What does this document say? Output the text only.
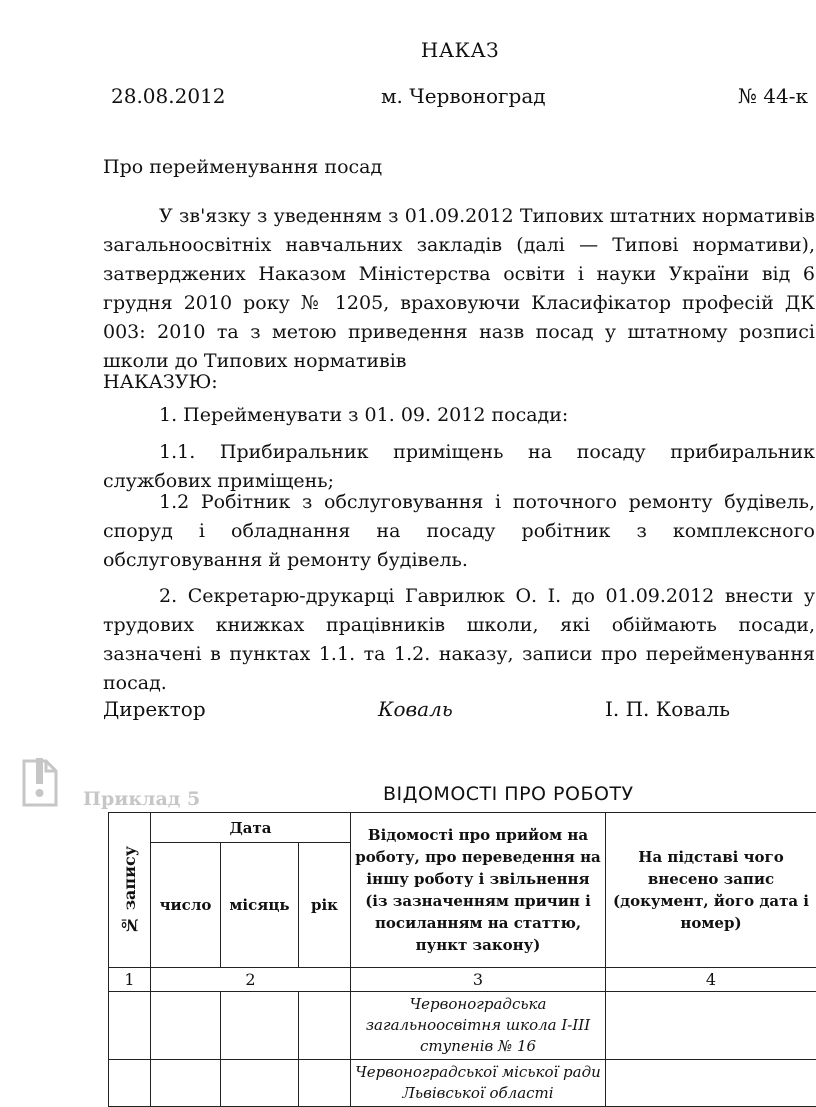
НАКАЗ
28.08.2012	м. Червоноград	№ 44-к
Про перейменування посад
У зв'язку з уведенням з 01.09.2012 Типових штатних нормативів загальноосвітніх навчальних закладів (далі — Типові нормативи), затверджених Наказом Міністерства освіти і науки України від 6 грудня 2010 року № 1205, враховуючи Класифікатор професій ДК 003: 2010 та з метою приведення назв посад у штатному розписі школи до Типових нормативів
НАКАЗУЮ:
1. Перейменувати з 01. 09. 2012 посади:
1.1. Прибиральник приміщень на посаду прибиральник службових приміщень;
1.2 Робітник з обслуговування і поточного ремонту будівель, споруд і обладнання на посаду робітник з комплексного обслуговування й ремонту будівель.
2. Секретарю-друкарці Гаврилюк О. І. до 01.09.2012 внести у трудових книжках працівників школи, які обіймають посади, зазначені в пунктах 1.1. та 1.2. наказу, записи про перейменування посад.
Директор	Коваль	І. П. Коваль
Приклад 5	ВІДОМОСТІ ПРО РОБОТУ
№ запису	Дата			Відомості про прийом на роботу, про переведення на іншу роботу і звільнення (із зазначенням причин і посиланням на статтю, пункт закону)	На підставі чого внесено запис (документ, його дата і номер)
	число	місяць	рік		
1	2			3	4
				Червоноградська загальноосвітня школа І-ІІІ ступенів № 16	
				Червоноградської міської ради Львівської області	
